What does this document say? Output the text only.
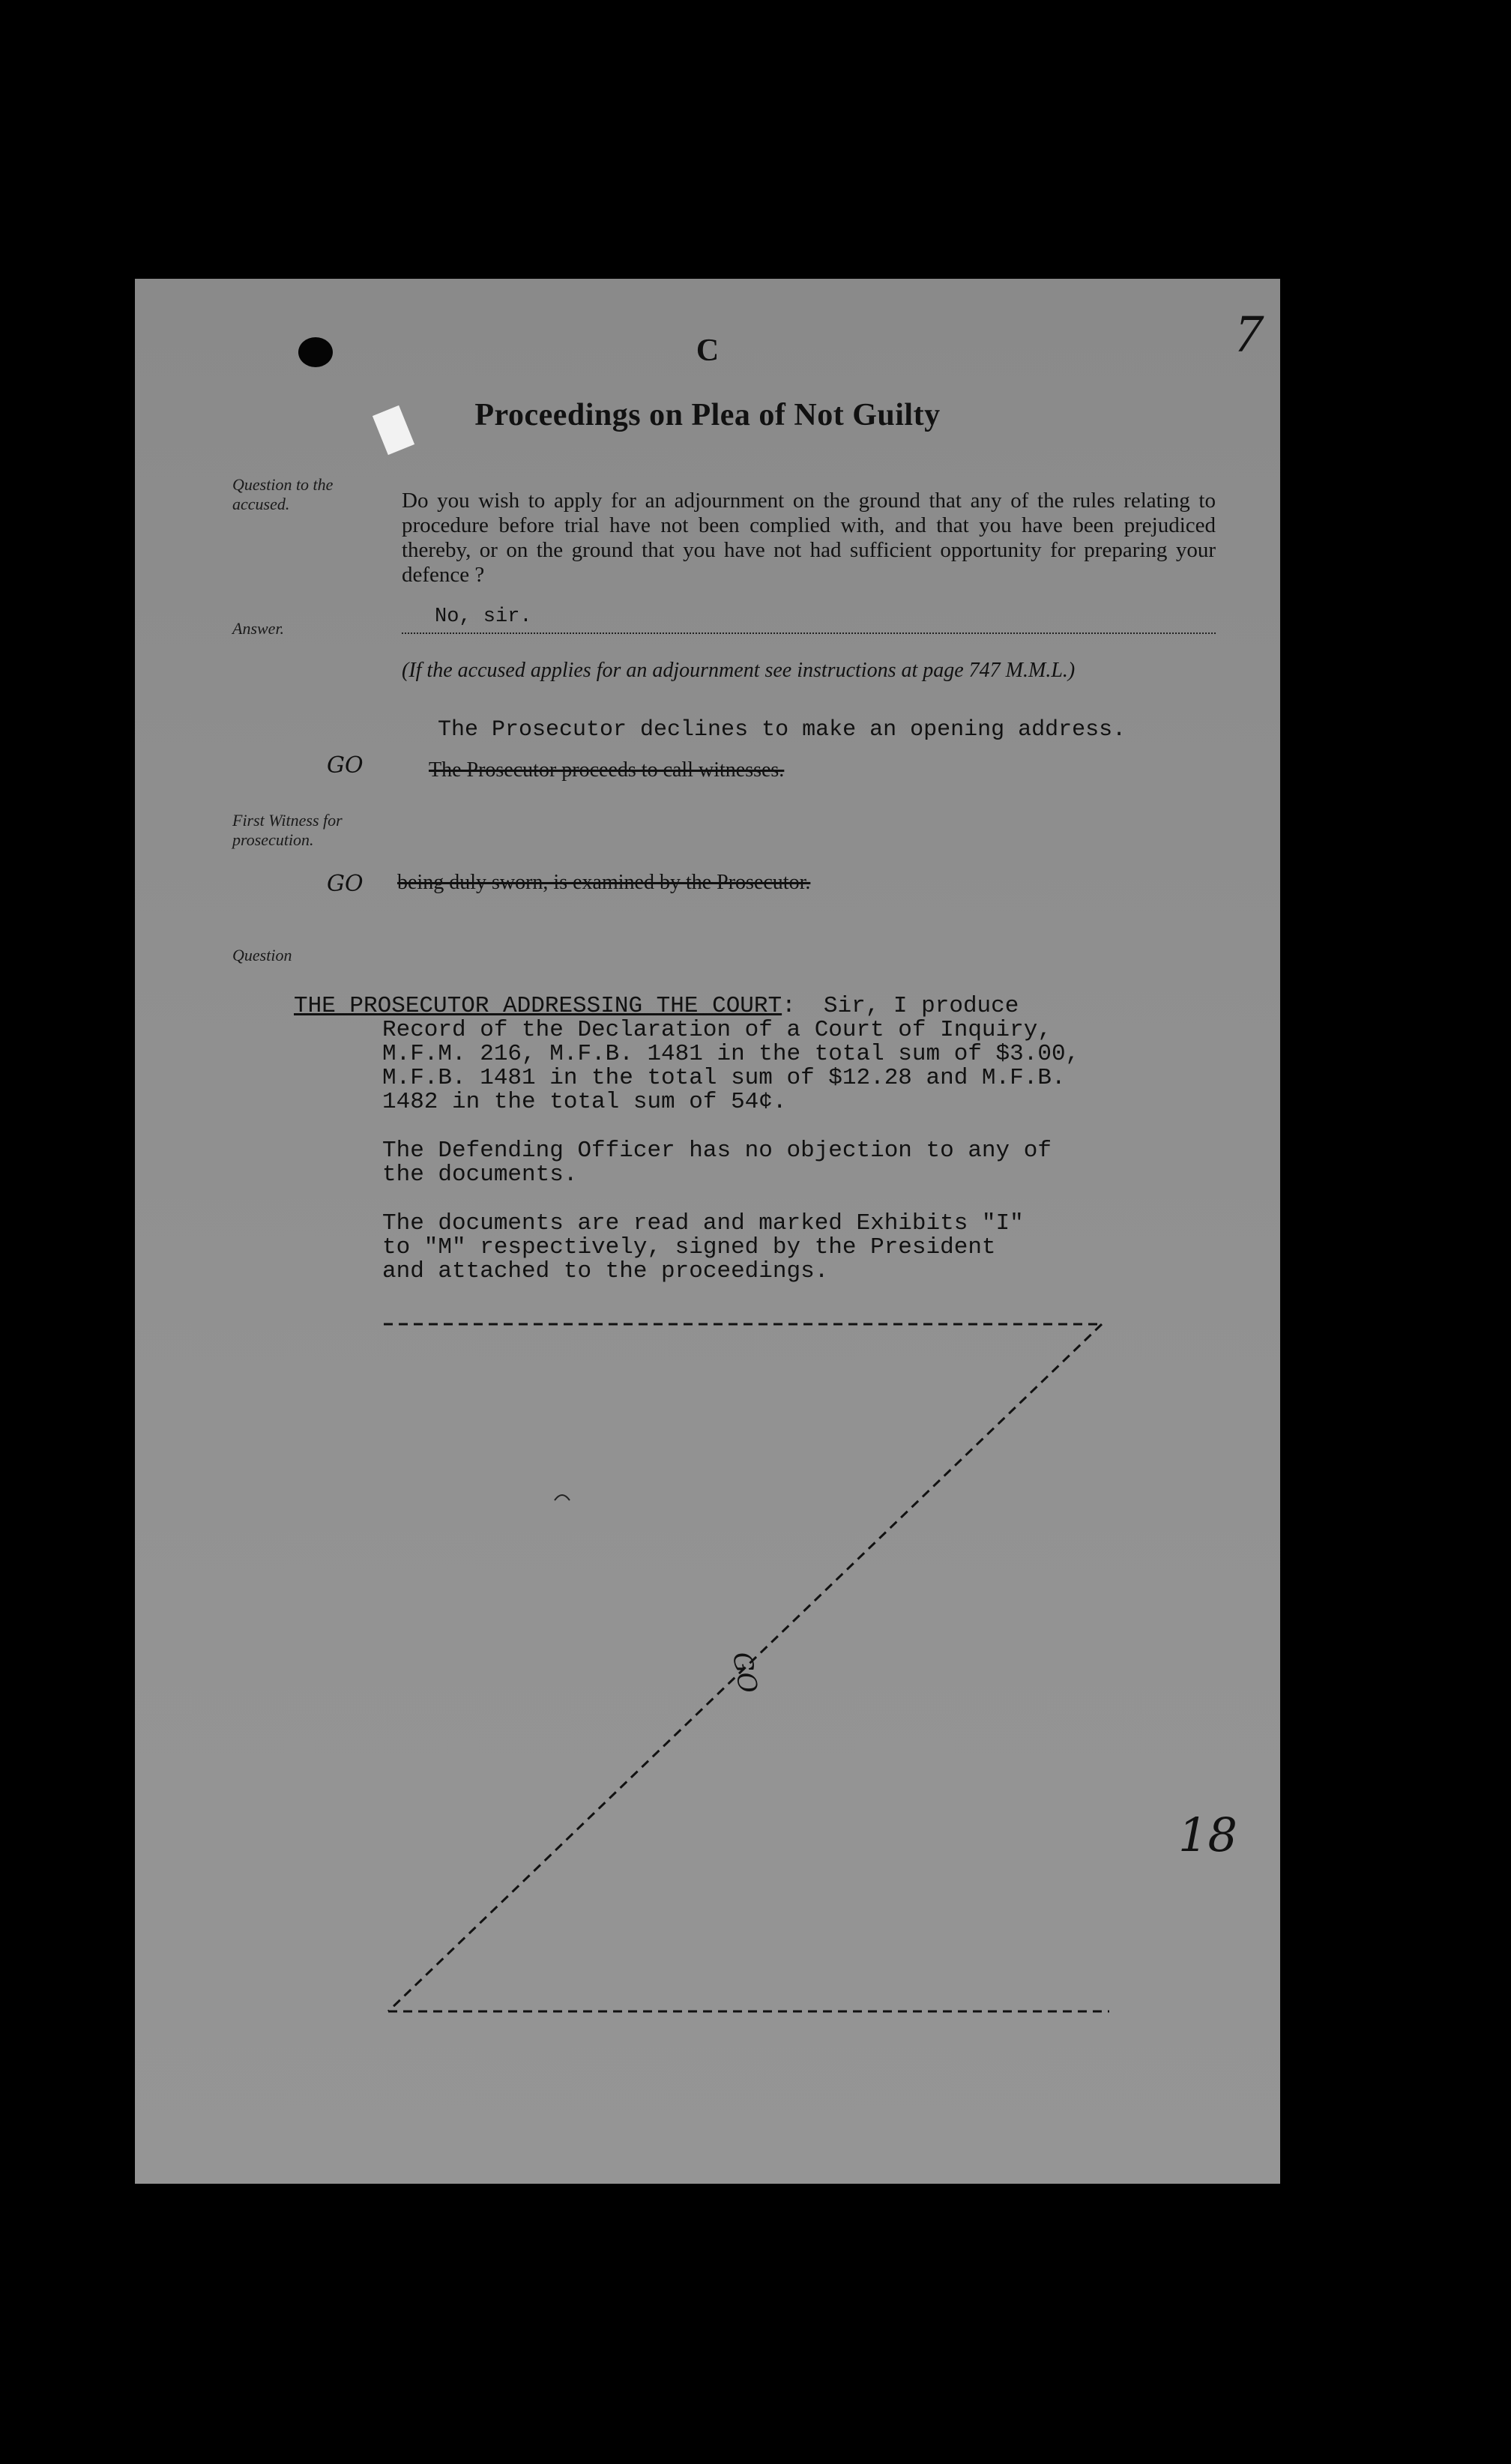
C	7
Proceedings on Plea of Not Guilty
Question to the accused.
Answer.
First Witness for prosecution.
Question
Do you wish to apply for an adjournment on the ground that any of the rules relating to procedure before trial have not been complied with, and that you have been prejudiced thereby, or on the ground that you have not had sufficient opportunity for preparing your defence ?
No, sir.
(If the accused applies for an adjournment see instructions at page 747 M.M.L.)
The Prosecutor declines to make an opening address.
The Prosecutor proceeds to call witnesses.
being duly sworn, is examined by the Prosecutor.
GO
GO
THE PROSECUTOR ADDRESSING THE COURT:  Sir, I produce
Record of the Declaration of a Court of Inquiry,
M.F.M. 216, M.F.B. 1481 in the total sum of $3.00,
M.F.B. 1481 in the total sum of $12.28 and M.F.B.
1482 in the total sum of 54¢.
The Defending Officer has no objection to any of
the documents.
The documents are read and marked Exhibits "I"
to "M" respectively, signed by the President
and attached to the proceedings.
GO
18
